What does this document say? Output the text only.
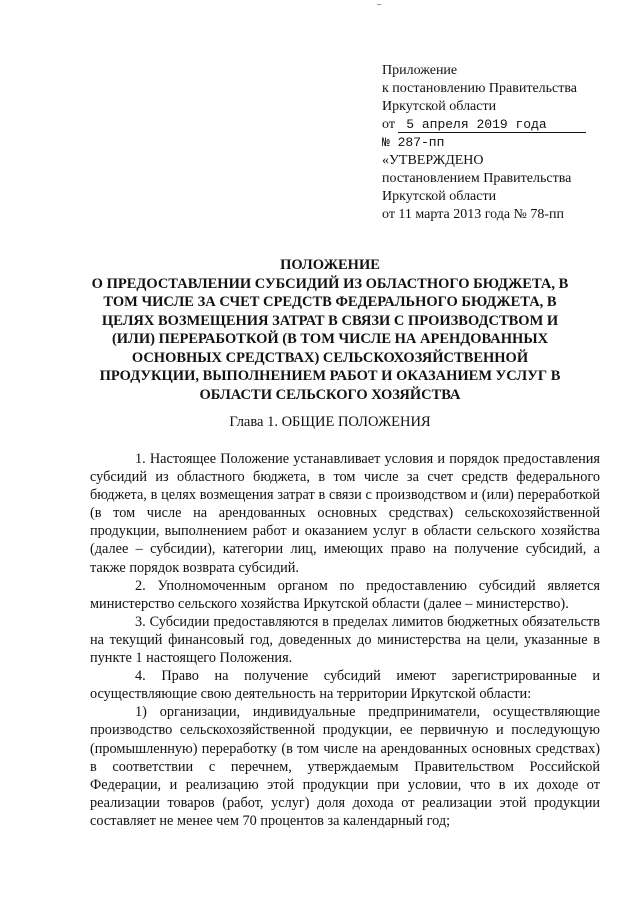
Приложение
к постановлению Правительства
Иркутской области
от 5 апреля 2019 года
№ 287-пп
«УТВЕРЖДЕНО
постановлением Правительства
Иркутской области
от 11 марта 2013 года № 78-пп
ПОЛОЖЕНИЕ
О ПРЕДОСТАВЛЕНИИ СУБСИДИЙ ИЗ ОБЛАСТНОГО БЮДЖЕТА, В ТОМ ЧИСЛЕ ЗА СЧЕТ СРЕДСТВ ФЕДЕРАЛЬНОГО БЮДЖЕТА, В ЦЕЛЯХ ВОЗМЕЩЕНИЯ ЗАТРАТ В СВЯЗИ С ПРОИЗВОДСТВОМ И (ИЛИ) ПЕРЕРАБОТКОЙ (В ТОМ ЧИСЛЕ НА АРЕНДОВАННЫХ ОСНОВНЫХ СРЕДСТВАХ) СЕЛЬСКОХОЗЯЙСТВЕННОЙ ПРОДУКЦИИ, ВЫПОЛНЕНИЕМ РАБОТ И ОКАЗАНИЕМ УСЛУГ В ОБЛАСТИ СЕЛЬСКОГО ХОЗЯЙСТВА
Глава 1. ОБЩИЕ ПОЛОЖЕНИЯ

1. Настоящее Положение устанавливает условия и порядок предоставления субсидий из областного бюджета, в том числе за счет средств федерального бюджета, в целях возмещения затрат в связи с производством и (или) переработкой (в том числе на арендованных основных средствах) сельскохозяйственной продукции, выполнением работ и оказанием услуг в области сельского хозяйства (далее – субсидии), категории лиц, имеющих право на получение субсидий, а также порядок возврата субсидий.

2. Уполномоченным органом по предоставлению субсидий является министерство сельского хозяйства Иркутской области (далее – министерство).

3. Субсидии предоставляются в пределах лимитов бюджетных обязательств на текущий финансовый год, доведенных до министерства на цели, указанные в пункте 1 настоящего Положения.

4. Право на получение субсидий имеют зарегистрированные и осуществляющие свою деятельность на территории Иркутской области:

1) организации, индивидуальные предприниматели, осуществляющие производство сельскохозяйственной продукции, ее первичную и последующую (промышленную) переработку (в том числе на арендованных основных средствах) в соответствии с перечнем, утверждаемым Правительством Российской Федерации, и реализацию этой продукции при условии, что в их доходе от реализации товаров (работ, услуг) доля дохода от реализации этой продукции составляет не менее чем 70 процентов за календарный год;
